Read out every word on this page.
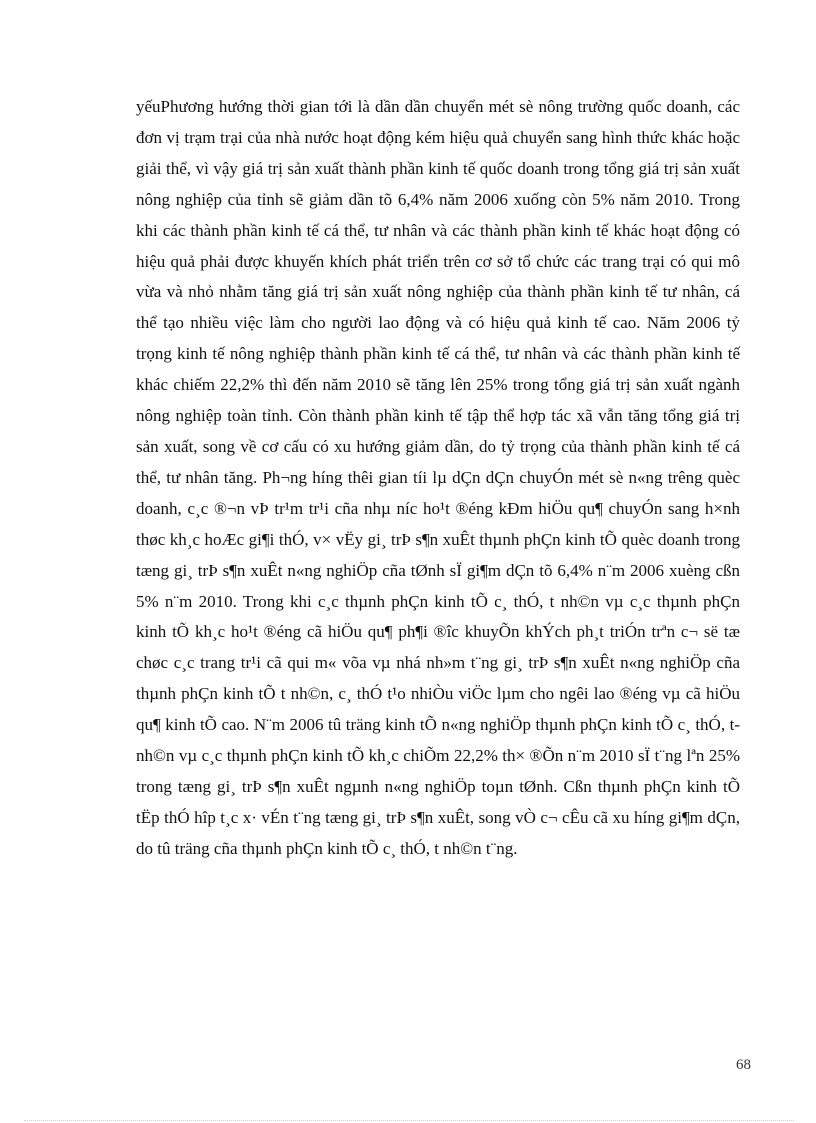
yếuPhương hướng thời gian tới là dần dần chuyển mét sè nông trường quốc doanh, các đơn vị trạm trại của nhà nước hoạt động kém hiệu quả chuyển sang hình thức khác hoặc giải thể, vì vậy giá trị sản xuất thành phần kinh tế quốc doanh trong tổng giá trị sản xuất nông nghiệp của tỉnh sẽ giảm dần tõ 6,4% năm 2006 xuống còn 5% năm 2010. Trong khi các thành phần kinh tế cá thể, tư nhân và các thành phần kinh tế khác hoạt động có hiệu quả phải được khuyến khích phát triển trên cơ sở tổ chức các trang trại có qui mô vừa và nhỏ nhằm tăng giá trị sản xuất nông nghiệp của thành phần kinh tế tư nhân, cá thể tạo nhiều việc làm cho người lao động và có hiệu quả kinh tế cao. Năm 2006 tỷ trọng kinh tế nông nghiệp thành phần kinh tế cá thể, tư nhân và các thành phần kinh tế khác chiếm 22,2% thì đến năm 2010 sẽ tăng lên 25% trong tổng giá trị sản xuất ngành nông nghiệp toàn tỉnh. Còn thành phần kinh tế tập thể hợp tác xã vẫn tăng tổng giá trị sản xuất, song về cơ cấu có xu hướng giảm dần, do tỷ trọng của thành phần kinh tế cá thể, tư nhân tăng. Ph¬ng híng thêi gian tíi lµ dÇn dÇn chuyÓn mét sè n«ng trêng quèc doanh, c¸c ®¬n vÞ tr¹m tr¹i cña nhµ níc ho¹t ®éng kÐm hiÖu qu¶ chuyÓn sang h×nh thøc kh¸c hoÆc gi¶i thÓ, v× vËy gi¸ trÞ s¶n xuÊt thµnh phÇn kinh tÕ quèc doanh trong tæng gi¸ trÞ s¶n xuÊt n«ng nghiÖp cña tØnh sÏ gi¶m dÇn tõ 6,4% n¨m 2006 xuèng cßn 5% n¨m 2010. Trong khi c¸c thµnh phÇn kinh tÕ c¸ thÓ, t nh©n vµ c¸c thµnh phÇn kinh tÕ kh¸c ho¹t ®éng cã hiÖu qu¶ ph¶i ®îc khuyÕn khÝch ph¸t triÓn trªn c¬ së tæ chøc c¸c trang tr¹i cã qui m« võa vµ nhá nh»m t¨ng gi¸ trÞ s¶n xuÊt n«ng nghiÖp cña thµnh phÇn kinh tÕ t nh©n, c¸ thÓ t¹o nhiÒu viÖc lµm cho ngêi lao ®éng vµ cã hiÖu qu¶ kinh tÕ cao. N¨m 2006 tû träng kinh tÕ n«ng nghiÖp thµnh phÇn kinh tÕ c¸ thÓ, t nh©n vµ c¸c thµnh phÇn kinh tÕ kh¸c chiÕm 22,2% th× ®Õn n¨m 2010 sÏ t¨ng lªn 25% trong tæng gi¸ trÞ s¶n xuÊt ngµnh n«ng nghiÖp toµn tØnh. Cßn thµnh phÇn kinh tÕ tËp thÓ hîp t¸c x· vÉn t¨ng tæng gi¸ trÞ s¶n xuÊt, song vÒ c¬ cÊu cã xu híng gi¶m dÇn, do tû träng cña thµnh phÇn kinh tÕ c¸ thÓ, t nh©n t¨ng.

68
